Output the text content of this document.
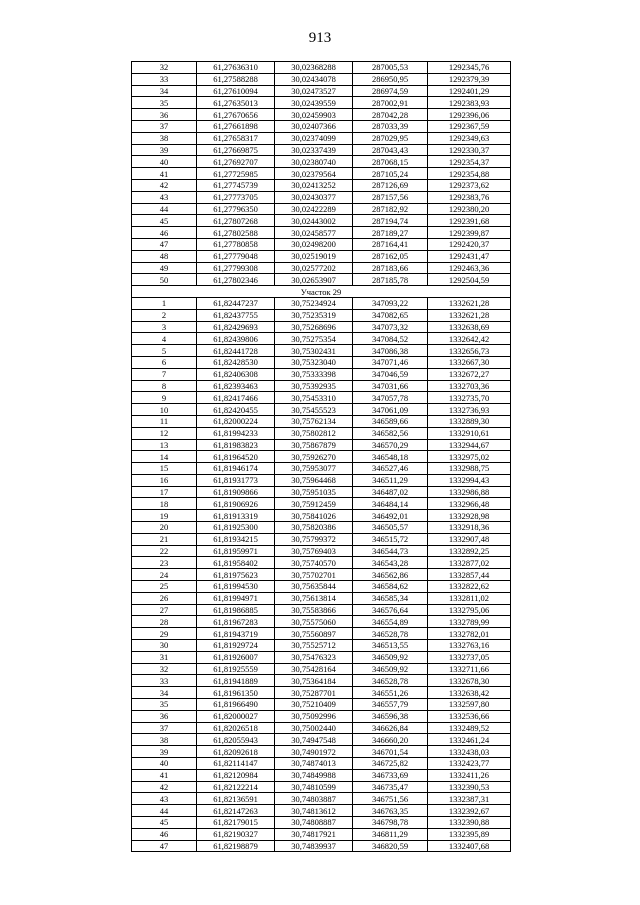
913
32	61,27636310	30,02368288	287005,53	1292345,76
33	61,27588288	30,02434078	286950,95	1292379,39
34	61,27610094	30,02473527	286974,59	1292401,29
35	61,27635013	30,02439559	287002,91	1292383,93
36	61,27670656	30,02459903	287042,28	1292396,06
37	61,27661898	30,02407366	287033,39	1292367,59
38	61,27658317	30,02374099	287029,95	1292349,63
39	61,27669875	30,02337439	287043,43	1292330,37
40	61,27692707	30,02380740	287068,15	1292354,37
41	61,27725985	30,02379564	287105,24	1292354,88
42	61,27745739	30,02413252	287126,69	1292373,62
43	61,27773705	30,02430377	287157,56	1292383,76
44	61,27796350	30,02422289	287182,92	1292380,20
45	61,27807268	30,02443002	287194,74	1292391,68
46	61,27802588	30,02458577	287189,27	1292399,87
47	61,27780858	30,02498200	287164,41	1292420,37
48	61,27779048	30,02519019	287162,05	1292431,47
49	61,27799308	30,02577202	287183,66	1292463,36
50	61,27802346	30,02653907	287185,78	1292504,59
Участок 29				
1	61,82447237	30,75234924	347093,22	1332621,28
2	61,82437755	30,75235319	347082,65	1332621,28
3	61,82429693	30,75268696	347073,32	1332638,69
4	61,82439806	30,75275354	347084,52	1332642,42
5	61,82441728	30,75302431	347086,38	1332656,73
6	61,82428530	30,75323040	347071,46	1332667,30
7	61,82406308	30,75333398	347046,59	1332672,27
8	61,82393463	30,75392935	347031,66	1332703,36
9	61,82417466	30,75453310	347057,78	1332735,70
10	61,82420455	30,75455523	347061,09	1332736,93
11	61,82000224	30,75762134	346589,66	1332889,30
12	61,81994233	30,75802812	346582,56	1332910,61
13	61,81983823	30,75867879	346570,29	1332944,67
14	61,81964520	30,75926270	346548,18	1332975,02
15	61,81946174	30,75953077	346527,46	1332988,75
16	61,81931773	30,75964468	346511,29	1332994,43
17	61,81909866	30,75951035	346487,02	1332986,88
18	61,81906926	30,75912459	346484,14	1332966,48
19	61,81913319	30,75841026	346492,01	1332928,98
20	61,81925300	30,75820386	346505,57	1332918,36
21	61,81934215	30,75799372	346515,72	1332907,48
22	61,81959971	30,75769403	346544,73	1332892,25
23	61,81958402	30,75740570	346543,28	1332877,02
24	61,81975623	30,75702701	346562,86	1332857,44
25	61,81994530	30,75635844	346584,62	1332822,62
26	61,81994971	30,75613814	346585,34	1332811,02
27	61,81986885	30,75583866	346576,64	1332795,06
28	61,81967283	30,75575060	346554,89	1332789,99
29	61,81943719	30,75560897	346528,78	1332782,01
30	61,81929724	30,75525712	346513,55	1332763,16
31	61,81926007	30,75476323	346509,92	1332737,05
32	61,81925559	30,75428164	346509,92	1332711,66
33	61,81941889	30,75364184	346528,78	1332678,30
34	61,81961350	30,75287701	346551,26	1332638,42
35	61,81966490	30,75210409	346557,79	1332597,80
36	61,82000027	30,75092996	346596,38	1332536,66
37	61,82026518	30,75002440	346626,84	1332489,52
38	61,82055943	30,74947548	346660,20	1332461,24
39	61,82092618	30,74901972	346701,54	1332438,03
40	61,82114147	30,74874013	346725,82	1332423,77
41	61,82120984	30,74849988	346733,69	1332411,26
42	61,82122214	30,74810599	346735,47	1332390,53
43	61,82136591	30,74803887	346751,56	1332387,31
44	61,82147263	30,74813612	346763,35	1332392,67
45	61,82179015	30,74808887	346798,78	1332390,88
46	61,82190327	30,74817921	346811,29	1332395,89
47	61,82198879	30,74839937	346820,59	1332407,68
